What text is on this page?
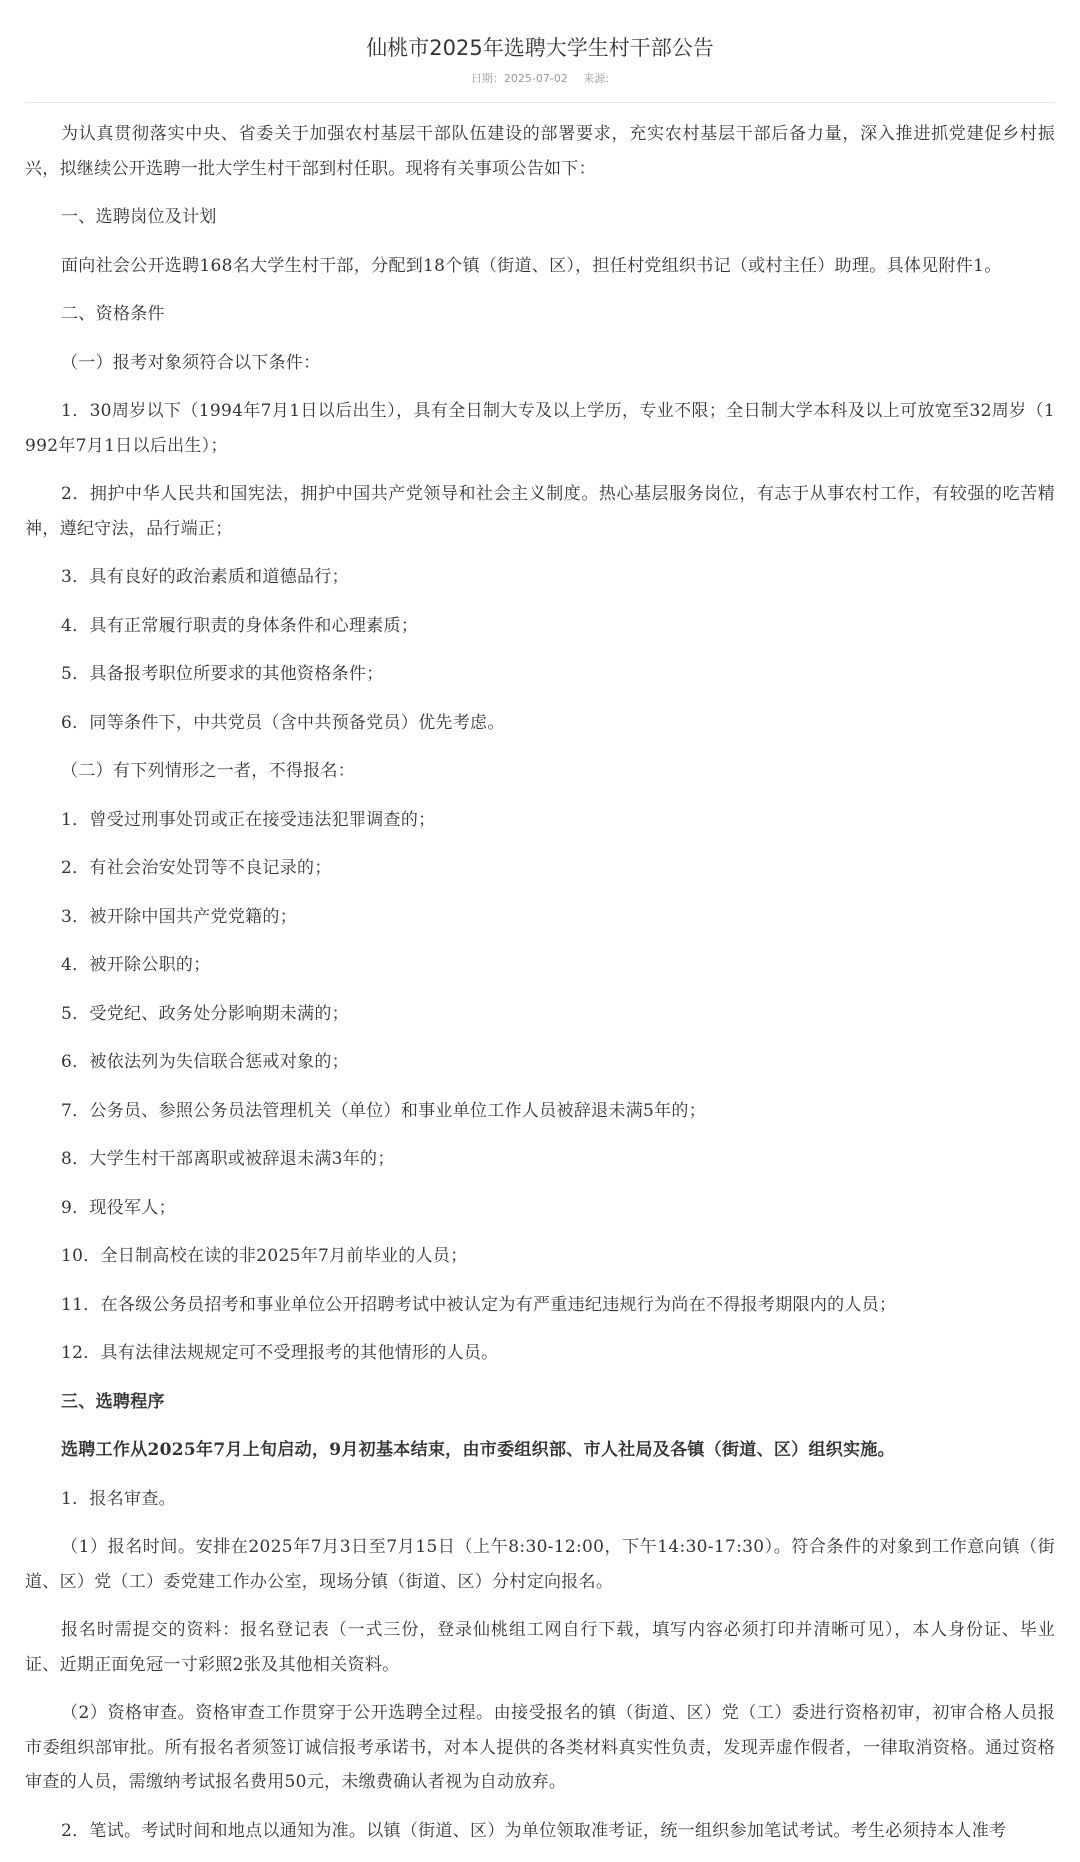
仙桃市2025年选聘大学生村干部公告
日期：2025-07-02 来源:

为认真贯彻落实中央、省委关于加强农村基层干部队伍建设的部署要求，充实农村基层干部后备力量，深入推进抓党建促乡村振兴，拟继续公开选聘一批大学生村干部到村任职。现将有关事项公告如下：

一、选聘岗位及计划

面向社会公开选聘168名大学生村干部，分配到18个镇（街道、区），担任村党组织书记（或村主任）助理。具体见附件1。

二、资格条件

（一）报考对象须符合以下条件：

1．30周岁以下（1994年7月1日以后出生），具有全日制大专及以上学历，专业不限；全日制大学本科及以上可放宽至32周岁（1992年7月1日以后出生）；

2．拥护中华人民共和国宪法，拥护中国共产党领导和社会主义制度。热心基层服务岗位，有志于从事农村工作，有较强的吃苦精神，遵纪守法，品行端正；

3．具有良好的政治素质和道德品行；

4．具有正常履行职责的身体条件和心理素质；

5．具备报考职位所要求的其他资格条件；

6．同等条件下，中共党员（含中共预备党员）优先考虑。

（二）有下列情形之一者，不得报名：

1．曾受过刑事处罚或正在接受违法犯罪调查的；

2．有社会治安处罚等不良记录的；

3．被开除中国共产党党籍的；

4．被开除公职的；

5．受党纪、政务处分影响期未满的；

6．被依法列为失信联合惩戒对象的；

7．公务员、参照公务员法管理机关（单位）和事业单位工作人员被辞退未满5年的；

8．大学生村干部离职或被辞退未满3年的；

9．现役军人；

10．全日制高校在读的非2025年7月前毕业的人员；

11．在各级公务员招考和事业单位公开招聘考试中被认定为有严重违纪违规行为尚在不得报考期限内的人员；

12．具有法律法规规定可不受理报考的其他情形的人员。

三、选聘程序

选聘工作从2025年7月上旬启动，9月初基本结束，由市委组织部、市人社局及各镇（街道、区）组织实施。

1．报名审查。

（1）报名时间。安排在2025年7月3日至7月15日（上午8:30-12:00，下午14:30-17:30）。符合条件的对象到工作意向镇（街道、区）党（工）委党建工作办公室，现场分镇（街道、区）分村定向报名。

报名时需提交的资料：报名登记表（一式三份，登录仙桃组工网自行下载，填写内容必须打印并清晰可见），本人身份证、毕业证、近期正面免冠一寸彩照2张及其他相关资料。

（2）资格审查。资格审查工作贯穿于公开选聘全过程。由接受报名的镇（街道、区）党（工）委进行资格初审，初审合格人员报市委组织部审批。所有报名者须签订诚信报考承诺书，对本人提供的各类材料真实性负责，发现弄虚作假者，一律取消资格。通过资格审查的人员，需缴纳考试报名费用50元，未缴费确认者视为自动放弃。

2．笔试。考试时间和地点以通知为准。以镇（街道、区）为单位领取准考证，统一组织参加笔试考试。考生必须持本人准考
